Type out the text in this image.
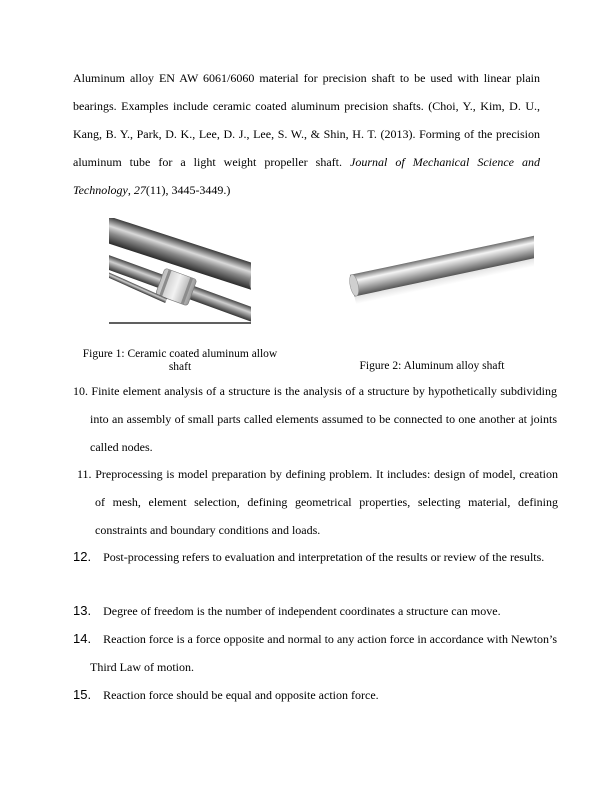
Aluminum alloy EN AW 6061/6060 material for precision shaft to be used with linear plain bearings. Examples include ceramic coated aluminum precision shafts. (Choi, Y., Kim, D. U., Kang, B. Y., Park, D. K., Lee, D. J., Lee, S. W., & Shin, H. T. (2013). Forming of the precision aluminum tube for a light weight propeller shaft. Journal of Mechanical Science and Technology, 27(11), 3445-3449.)

Figure 1: Ceramic coated aluminum allow
shaft	Figure 2: Aluminum alloy shaft

10. Finite element analysis of a structure is the analysis of a structure by hypothetically subdividing into an assembly of small parts called elements assumed to be connected to one another at joints called nodes.

11. Preprocessing is model preparation by defining problem. It includes: design of model, creation of mesh, element selection, defining geometrical properties, selecting material, defining constraints and boundary conditions and loads.

12. Post-processing refers to evaluation and interpretation of the results or review of the results.

13. Degree of freedom is the number of independent coordinates a structure can move.

14. Reaction force is a force opposite and normal to any action force in accordance with Newton’s Third Law of motion.

15. Reaction force should be equal and opposite action force.
